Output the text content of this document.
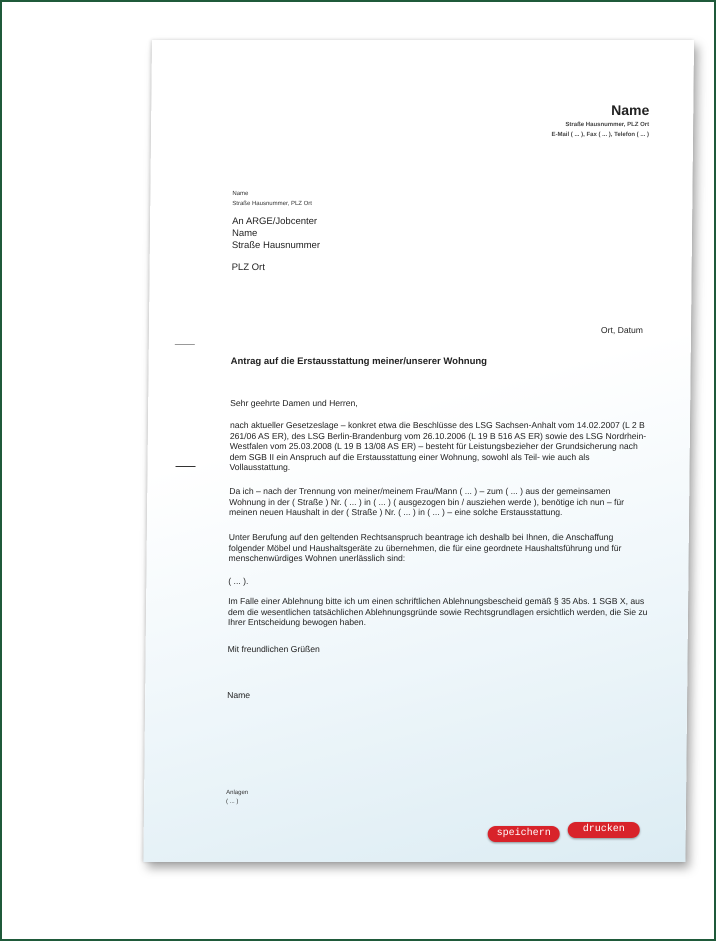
Name
Straße Hausnummer, PLZ Ort
E-Mail ( ... ), Fax ( ... ), Telefon ( ... )
Name
Straße Hausnummer, PLZ Ort
An ARGE/Jobcenter
Name
Straße Hausnummer
PLZ Ort
Ort, Datum
Antrag auf die Erstausstattung meiner/unserer Wohnung
Sehr geehrte Damen und Herren,
nach aktueller Gesetzeslage – konkret etwa die Beschlüsse des LSG Sachsen-Anhalt vom 14.02.2007 (L 2 B 261/06 AS ER), des LSG Berlin-Brandenburg vom 26.10.2006 (L 19 B 516 AS ER) sowie des LSG Nordrhein-Westfalen vom 25.03.2008 (L 19 B 13/08 AS ER) – besteht für Leistungsbezieher der Grundsicherung nach dem SGB II ein Anspruch auf die Erstausstattung einer Wohnung, sowohl als Teil- wie auch als Vollausstattung.
Da ich – nach der Trennung von meiner/meinem Frau/Mann ( ... ) – zum ( ... ) aus der gemeinsamen Wohnung in der ( Straße ) Nr. ( ... ) in ( ... ) ( ausgezogen bin / ausziehen werde ), benötige ich nun – für meinen neuen Haushalt in der ( Straße ) Nr. ( ... ) in ( ... ) – eine solche Erstausstattung.
Unter Berufung auf den geltenden Rechtsanspruch beantrage ich deshalb bei Ihnen, die Anschaffung folgender Möbel und Haushaltsgeräte zu übernehmen, die für eine geordnete Haushaltsführung und für menschenwürdiges Wohnen unerlässlich sind:
( ... ).
Im Falle einer Ablehnung bitte ich um einen schriftlichen Ablehnungsbescheid gemäß § 35 Abs. 1 SGB X, aus dem die wesentlichen tatsächlichen Ablehnungsgründe sowie Rechtsgrundlagen ersichtlich werden, die Sie zu Ihrer Entscheidung bewogen haben.
Mit freundlichen Grüßen
Name
Anlagen
( ... )
speichern	drucken
